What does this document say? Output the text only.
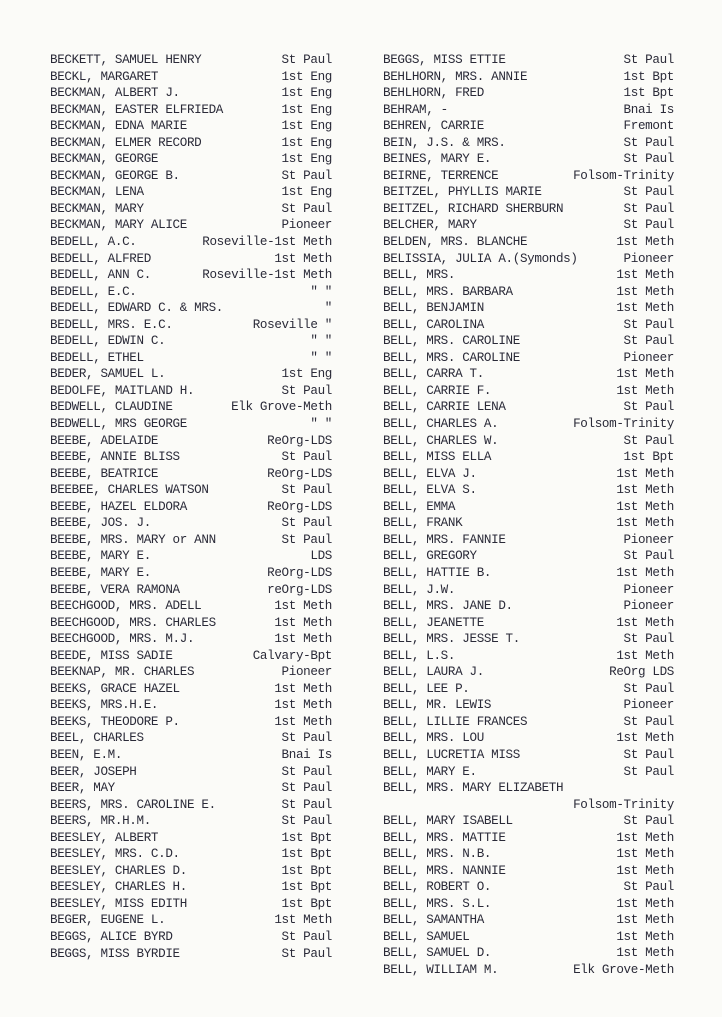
BECKETT, SAMUEL HENRY	St Paul
BECKL, MARGARET	1st Eng
BECKMAN, ALBERT J.	1st Eng
BECKMAN, EASTER ELFRIEDA	1st Eng
BECKMAN, EDNA MARIE	1st Eng
BECKMAN, ELMER RECORD	1st Eng
BECKMAN, GEORGE	1st Eng
BECKMAN, GEORGE B.	St Paul
BECKMAN, LENA	1st Eng
BECKMAN, MARY	St Paul
BECKMAN, MARY ALICE	Pioneer
BEDELL, A.C.	Roseville-1st Meth
BEDELL, ALFRED	1st Meth
BEDELL, ANN C.	Roseville-1st Meth
BEDELL, E.C.	" "
BEDELL, EDWARD C. & MRS.	"
BEDELL, MRS. E.C.	Roseville "
BEDELL, EDWIN C.	" "
BEDELL, ETHEL	" "
BEDER, SAMUEL L.	1st Eng
BEDOLFE, MAITLAND H.	St Paul
BEDWELL, CLAUDINE	Elk Grove-Meth
BEDWELL, MRS GEORGE	" "
BEEBE, ADELAIDE	ReOrg-LDS
BEEBE, ANNIE BLISS	St Paul
BEEBE, BEATRICE	ReOrg-LDS
BEEBEE, CHARLES WATSON	St Paul
BEEBE, HAZEL ELDORA	ReOrg-LDS
BEEBE, JOS. J.	St Paul
BEEBE, MRS. MARY or ANN	St Paul
BEEBE, MARY E.	LDS
BEEBE, MARY E.	ReOrg-LDS
BEEBE, VERA RAMONA	reOrg-LDS
BEECHGOOD, MRS. ADELL	1st Meth
BEECHGOOD, MRS. CHARLES	1st Meth
BEECHGOOD, MRS. M.J.	1st Meth
BEEDE, MISS SADIE	Calvary-Bpt
BEEKNAP, MR. CHARLES	Pioneer
BEEKS, GRACE HAZEL	1st Meth
BEEKS, MRS.H.E.	1st Meth
BEEKS, THEODORE P.	1st Meth
BEEL, CHARLES	St Paul
BEEN, E.M.	Bnai Is
BEER, JOSEPH	St Paul
BEER, MAY	St Paul
BEERS, MRS. CAROLINE E.	St Paul
BEERS, MR.H.M.	St Paul
BEESLEY, ALBERT	1st Bpt
BEESLEY, MRS. C.D.	1st Bpt
BEESLEY, CHARLES D.	1st Bpt
BEESLEY, CHARLES H.	1st Bpt
BEESLEY, MISS EDITH	1st Bpt
BEGER, EUGENE L.	1st Meth
BEGGS, ALICE BYRD	St Paul
BEGGS, MISS BYRDIE	St Paul
BEGGS, MISS ETTIE	St Paul
BEHLHORN, MRS. ANNIE	1st Bpt
BEHLHORN, FRED	1st Bpt
BEHRAM, -	Bnai Is
BEHREN, CARRIE	Fremont
BEIN, J.S. & MRS.	St Paul
BEINES, MARY E.	St Paul
BEIRNE, TERRENCE	Folsom-Trinity
BEITZEL, PHYLLIS MARIE	St Paul
BEITZEL, RICHARD SHERBURN	St Paul
BELCHER, MARY	St Paul
BELDEN, MRS. BLANCHE	1st Meth
BELISSIA, JULIA A.(Symonds)	Pioneer
BELL, MRS.	1st Meth
BELL, MRS. BARBARA	1st Meth
BELL, BENJAMIN	1st Meth
BELL, CAROLINA	St Paul
BELL, MRS. CAROLINE	St Paul
BELL, MRS. CAROLINE	Pioneer
BELL, CARRA T.	1st Meth
BELL, CARRIE F.	1st Meth
BELL, CARRIE LENA	St Paul
BELL, CHARLES A.	Folsom-Trinity
BELL, CHARLES W.	St Paul
BELL, MISS ELLA	1st Bpt
BELL, ELVA J.	1st Meth
BELL, ELVA S.	1st Meth
BELL, EMMA	1st Meth
BELL, FRANK	1st Meth
BELL, MRS. FANNIE	Pioneer
BELL, GREGORY	St Paul
BELL, HATTIE B.	1st Meth
BELL, J.W.	Pioneer
BELL, MRS. JANE D.	Pioneer
BELL, JEANETTE	1st Meth
BELL, MRS. JESSE T.	St Paul
BELL, L.S.	1st Meth
BELL, LAURA J.	ReOrg LDS
BELL, LEE P.	St Paul
BELL, MR. LEWIS	Pioneer
BELL, LILLIE FRANCES	St Paul
BELL, MRS. LOU	1st Meth
BELL, LUCRETIA MISS	St Paul
BELL, MARY E.	St Paul
BELL, MRS. MARY ELIZABETH
Folsom-Trinity
BELL, MARY ISABELL	St Paul
BELL, MRS. MATTIE	1st Meth
BELL, MRS. N.B.	1st Meth
BELL, MRS. NANNIE	1st Meth
BELL, ROBERT O.	St Paul
BELL, MRS. S.L.	1st Meth
BELL, SAMANTHA	1st Meth
BELL, SAMUEL	1st Meth
BELL, SAMUEL D.	1st Meth
BELL, WILLIAM M.	Elk Grove-Meth
